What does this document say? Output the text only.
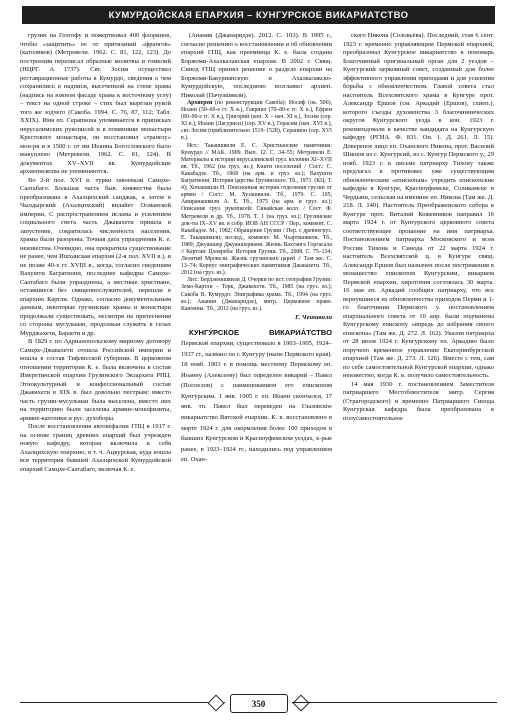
КУМУРДОЙСКАЯ ЕПАРХИЯ – КУНГУРСКОЕ ВИКАРИАТСТВО

грузин на Голгофу и пожертвовал 400 флоринов, чтобы «защитить» ее от притязаний «франгов» (католиков) (Метревели. 1962. С. 81, 122, 123). До построения переписал образные молитвы и гомилий (НЦРГ. A 1737). Свт. Зосим осуществил реставрационные работы в Кумурдо, сведения о чем сохранились в надписи, высеченной на стене храма (надпись на южном фасаде храма к восточному углу) – текст на одной строке – стих был вырезан рукой того же зодчего (Cакоба. 1994. С. 76, 87, 112; Табл. XXIX). Имя еп. Серапиона упоминается в приписках иерусалимских рукописей и в помяннике монастыря Крестового монастыря, он восстановил «трапезу» мон-ря и в 1500 г. от им Иоанна Богословского было выкуплено (Метревели. 1962. С. 81, 124). В документах XV–XVII вв. Кумурдойские архиепископы не упоминаются.

Во 2-й пол. XVI в. турки завоевали Самцхе-Саатабаго. Большая часть быв. княжества была преобразована в Ахалцихский санджак, а затем в Чылдырский (Ахалцихский) вилайет Османской империи. С распространением ислама и усилением социального гнета часть Джавахети пришла в запустение, сократилась численность населения, храмы были разорены. Точная дата упразднения К. е. неизвестна. Очевидно, она прекратила существование не ранее, чем Ишханская епархия (2-я пол. XVII в.), и не позже 40-х гг. XVIII в., когда, согласно сведениям Вахушти Багратиони, последние кафедры Самцхе-Саатабаго были упразднены, а местные христиане, оставшиеся без священнослужителей, перешли в епархию Картли. Однако, согласно документальным данным, некоторые грузинские храмы и монастыри продолжали существовать, несмотря на притеснения со стороны мусульман, продолжая служить в селах Мурджахети, Бараети и др.

В 1829 г. по Адрианопольскому мирному договору Самцхе-Джавахети отошла Российской империи и вошла в состав Тифлисской губернии. В церковном отношении территория К. е. была включена в состав Имеретинской епархии Грузинского Экзархата РПЦ. Этнокультурный и конфессиональный состав Джавахети в XIX в. был довольно пестрым: вместо часть грузин-мусульман была выселена, вместо них на территорию были заселены армяне-монофизиты, армяне-католики и рус. духоборы.

После восстановления автокефалии ГПЦ в 1917 г. на основе границ древних епархий был учрежден новую кафедру, которая включила в себя Ахалцихскую епархию, в т. ч. Ацкурская, куда вошла вся территория бывшей Ахалцихской Кумурдойской епархий Самцхе-Саатабаго, включая К. е.

(Анания (Джапаридзе). 2012. С. 103). В 1995 г., согласно решению о восстановлении и об обновлении епархий ГПЦ, как преемница К. е. была создана Боржоми-Ахалкалакская епархия. В 2002 г. Свящ. Синод ГПЦ принял решение о разделе епархии на Боржоми-Бакурианскую и Ахалкалакско-Кумурдойскую, последнюю возглавил архиеп. Николай (Пачуашвили).

Архиереи (по реконструкции Сакоба): Иосиф (ок. 506), Иоанн (50–60-е гг. X в.), Гавриил (70–80-е гг. X в.), Ефрем (80–90-е гг. X в.), Григорий (кон. X – нач. XI в.), Зосим (сер. XI в.), Иоанн (Ласуриси) (сер. XV в.), Герасим (нач. XVI в.), свт. Зосим (приблизительно 1519–1528), Серапион (сер. XVI в.).

Ист.: Такаишвили Е. С. Христианские памятники: Кумурдо // МАК. 1909. Вып. 12. С. 34–55; Метревели Е. Материалы к истории иерусалимской груз. колонии XI–XVII вв. Тб., 1962 (на груз. яз.); Книги поселений / Сост.: С. Какабадзе. Тб., 1968 (на арм. и груз. яз.); Вахушти Багратиони. История царства Грузинского. Тб., 1973. (КЦ; Т. 4); Хонашвили Н. Пенсионная история отделения грузин от армян / Сост.: М. Хузашвили. Тб., 1979. С. 105; Амиранашвили А. Е. Тб., 1975 (на арм. и груз. яз.); Описание груз. рукописей: Синайская колл. / Сост. Ф. Метревели и др. Тб., 1978. Т. 1 (на груз. яз.); Грузинские док-ты IX–XV вв. в собр. ИОВ АН СССР / Пер., коммент. С. Какабадзе. М., 1982; Обращение Грузии / Пер. с древнегруз. Е. Такаишвили; исслед., коммент. М. Чхартишвили. Тб., 1989; Джуаншер Джуаншериани. Жизнь Вахтанга Горгасала // Картлис Цховреба: История Грузии. Тб., 2008. С. 75–134; Леонтий Мровели. Жизнь грузинских царей // Там же. С. 13–74; Корпус эпиграфических памятников Джавахети. Тб., 2012 (на груз. яз.).

Лит.: Бердзенишвили Д. Очерки по ист. географии Грузии: Земо-Картли – Торк, Джавахети. Тб., 1985 (на груз. яз.); Сакоба В. Кумурдо: Эпиграфика храма. Тб., 1994 (на груз. яз.); Анания (Джапаридзе), митр. Церковное право. Канонны. Тб., 2012 (на груз. яз.).

Г. Чеишвили

КУНГУ́РСКОЕ ВИКАРИА́ТСТВО Пермской епархии, существовало в 1903–1905, 1924–1937 гг., названо по г. Кунгуру (ныне Пермского края). 18 нояб. 1903 г. в помощь местному Пермскому еп. Иоанну (Алексееву) был определен викарий – Павел (Поспелов) с наименованием его епископом Кунгурским. 1 янв. 1905 г. еп. Иоанн скончался, 17 янв. тп. Павел был переведен на Глазовское викариатство Вятской епархии. К. в. восстановлено в марте 1924 г. для окормления более 100 приходов в бывших Кунгурском и Красноуфимском уездах, к-рые ранее, в 1923–1924 гг., находились под управлением еп. Охан-

ского Никона (Соловьёва). Последний, став 6 сент. 1923 г. временно управляющим Пермской епархией, преобразовал Кунгурское викариатство в пономарь Благочинный оригинальный орган для 2 уездов – Кунгурский церковный совет, созданный для более эффективного управления приходами и для усиления борьбы с обновленчеством. Главой совета стал настоятель Всехсвятского храма в Кунгуре прот. Александр Ершов (см. Аркадий (Ершов), схиеп.), которого съезды духовенства 3 благочиннических округов Кунгурского уезда в кон. 1923 г. рекомендовали в качестве кандидата на Кунгурскую кафедру (РГИА. Ф. 831. Оп. 1. Д. 261. Л. 15). Довереное лицо еп. Оханского Никона, прот. Василий Шишов из с. Кунгурсий, из с. Кунгур Пермского у., 29 нояб. 1923 г. в письме патриарху Тихону также предлагал в противовес уже существующим обновленческим «епископам» учредить епископские кафедры в Кунгуре, Красноуфимске, Соликамске и Чердыни, сельская на именине еп. Никона (Там же. Д. 218. Л. 140). Настоятель Преображенского собора в Кунгуре прот. Виталий Кожевников направил 16 марта 1924 г. от Кунгурского церковного совета соответствующее прошение на имя патриарха. Постановлением патриарха Московского и всея России Тихона и Синода от 22 марта 1924 г. настоятель Всехсвятской ц. в Кунгуре свящ. Александр Ершов был назначен после пострижения в монашество епископом Кунгурским, викарием Пермской епархии, хиротония состоялась 30 марта. 16 мая еп. Аркадий сообщил патриарху, что все вернувшиеся из обновленчества приходов Перми и 1-го благочиния Пермского у. постановлением епархиального совета от 10 апр. были подчинены Кунгурскому епископу «впредь до избрания своего епископа» (Там же. Д. 272. Л. 162). Указом патриарха от 28 июля 1924 г. Кунгурскому еп. Аркадию было поручено временное управление Екатеринбургской епархией (Там же. Д. 273. Л. 126). Вместе с тем, сам по себе самостоятельной Кунгурской епархии, однако неизвестно, когда К. в. получило самостоятельность.

14 мая 1930 г. постановлением Заместителя патриаршего Местоблюстителя митр. Сергия (Страгородского) и временно Патриаршего Синода Кунгурская кафедра была преобразована в полусамостоятельное

350
